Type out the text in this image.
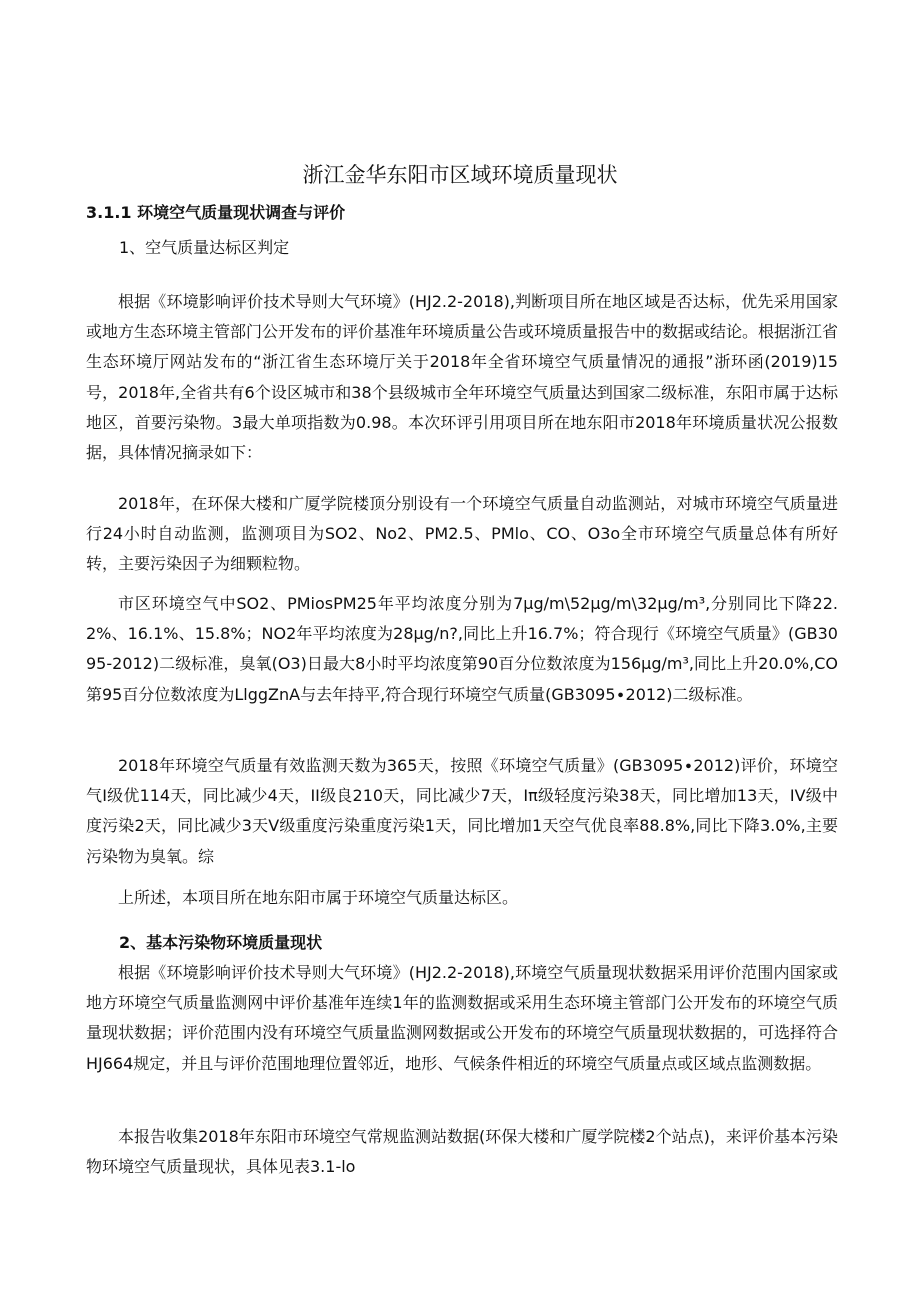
浙江金华东阳市区域环境质量现状
3.1.1 环境空气质量现状调查与评价
1、空气质量达标区判定

根据《环境影响评价技术导则大气环境》(HJ2.2-2018),判断项目所在地区域是否达标，优先采用国家或地方生态环境主管部门公开发布的评价基准年环境质量公告或环境质量报告中的数据或结论。根据浙江省生态环境厅网站发布的“浙江省生态环境厅关于2018年全省环境空气质量情况的通报”浙环函(2019)15号，2018年,全省共有6个设区城市和38个县级城市全年环境空气质量达到国家二级标准，东阳市属于达标地区，首要污染物。3最大单项指数为0.98。本次环评引用项目所在地东阳市2018年环境质量状况公报数据，具体情况摘录如下：

2018年，在环保大楼和广厦学院楼顶分别设有一个环境空气质量自动监测站，对城市环境空气质量进行24小时自动监测，监测项目为SO2、No2、PM2.5、PMlo、CO、O3o全市环境空气质量总体有所好转，主要污染因子为细颗粒物。

市区环境空气中SO2、PMiosPM25年平均浓度分别为7μg∕m\52μg∕m\32μg∕m³,分别同比下降22.2%、16.1%、15.8%；NO2年平均浓度为28μg∕n?,同比上升16.7%；符合现行《环境空气质量》(GB3095-2012)二级标准，臭氧(O3)日最大8小时平均浓度第90百分位数浓度为156μg∕m³,同比上升20.0%,CO第95百分位数浓度为LlggZnA与去年持平,符合现行环境空气质量(GB3095∙2012)二级标准。

2018年环境空气质量有效监测天数为365天，按照《环境空气质量》(GB3095∙2012)评价，环境空气I级优114天，同比减少4天，II级良210天，同比减少7天，Iπ级轻度污染38天，同比增加13天，IV级中度污染2天，同比减少3天V级重度污染重度污染1天，同比增加1天空气优良率88.8%,同比下降3.0%,主要污染物为臭氧。综

上所述，本项目所在地东阳市属于环境空气质量达标区。

2、基本污染物环境质量现状

根据《环境影响评价技术导则大气环境》(HJ2.2-2018),环境空气质量现状数据采用评价范围内国家或地方环境空气质量监测网中评价基准年连续1年的监测数据或采用生态环境主管部门公开发布的环境空气质量现状数据；评价范围内没有环境空气质量监测网数据或公开发布的环境空气质量现状数据的，可选择符合HJ664规定，并且与评价范围地理位置邻近，地形、气候条件相近的环境空气质量点或区域点监测数据。

本报告收集2018年东阳市环境空气常规监测站数据(环保大楼和广厦学院楼2个站点)，来评价基本污染物环境空气质量现状，具体见表3.1-lo
